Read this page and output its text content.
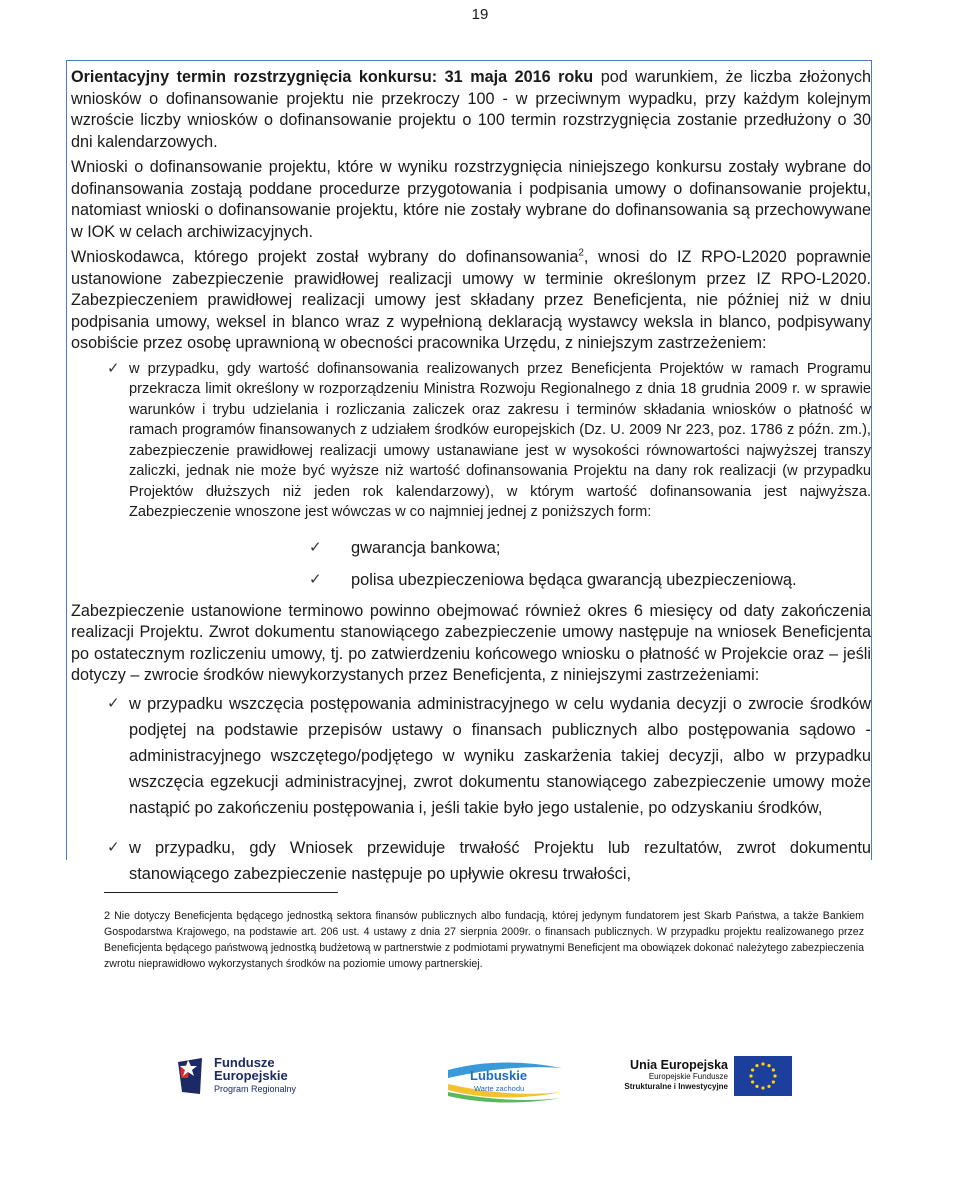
19

Orientacyjny termin rozstrzygnięcia konkursu: 31 maja 2016 roku pod warunkiem, że liczba złożonych wniosków o dofinansowanie projektu nie przekroczy 100 - w przeciwnym wypadku, przy każdym kolejnym wzroście liczby wniosków o dofinansowanie projektu o 100 termin rozstrzygnięcia zostanie przedłużony o 30 dni kalendarzowych.

Wnioski o dofinansowanie projektu, które w wyniku rozstrzygnięcia niniejszego konkursu zostały wybrane do dofinansowania zostają poddane procedurze przygotowania i podpisania umowy o dofinansowanie projektu, natomiast wnioski o dofinansowanie projektu, które nie zostały wybrane do dofinansowania są przechowywane w IOK w celach archiwizacyjnych.

Wnioskodawca, którego projekt został wybrany do dofinansowania$^2$, wnosi do IZ RPO-L2020 poprawnie ustanowione zabezpieczenie prawidłowej realizacji umowy w terminie określonym przez IZ RPO-L2020. Zabezpieczeniem prawidłowej realizacji umowy jest składany przez Beneficjenta, nie później niż w dniu podpisania umowy, weksel in blanco wraz z wypełnioną deklaracją wystawcy weksla in blanco, podpisywany osobiście przez osobę uprawnioną w obecności pracownika Urzędu, z niniejszym zastrzeżeniem:

✓ w przypadku, gdy wartość dofinansowania realizowanych przez Beneficjenta Projektów w ramach Programu przekracza limit określony w rozporządzeniu Ministra Rozwoju Regionalnego z dnia 18 grudnia 2009 r. w sprawie warunków i trybu udzielania i rozliczania zaliczek oraz zakresu i terminów składania wniosków o płatność w ramach programów finansowanych z udziałem środków europejskich (Dz. U. 2009 Nr 223, poz. 1786 z późn. zm.), zabezpieczenie prawidłowej realizacji umowy ustanawiane jest w wysokości równowartości najwyższej transzy zaliczki, jednak nie może być wyższe niż wartość dofinansowania Projektu na dany rok realizacji (w przypadku Projektów dłuższych niż jeden rok kalendarzowy), w którym wartość dofinansowania jest najwyższa. Zabezpieczenie wnoszone jest wówczas w co najmniej jednej z poniższych form:
✓ gwarancja bankowa;
✓ polisa ubezpieczeniowa będąca gwarancją ubezpieczeniową.

Zabezpieczenie ustanowione terminowo powinno obejmować również okres 6 miesięcy od daty zakończenia realizacji Projektu. Zwrot dokumentu stanowiącego zabezpieczenie umowy następuje na wniosek Beneficjenta po ostatecznym rozliczeniu umowy, tj. po zatwierdzeniu końcowego wniosku o płatność w Projekcie oraz – jeśli dotyczy – zwrocie środków niewykorzystanych przez Beneficjenta, z niniejszymi zastrzeżeniami:

✓ w przypadku wszczęcia postępowania administracyjnego w celu wydania decyzji o zwrocie środków podjętej na podstawie przepisów ustawy o finansach publicznych albo postępowania sądowo -administracyjnego wszczętego/podjętego w wyniku zaskarżenia takiej decyzji, albo w przypadku wszczęcia egzekucji administracyjnej, zwrot dokumentu stanowiącego zabezpieczenie umowy może nastąpić po zakończeniu postępowania i, jeśli takie było jego ustalenie, po odzyskaniu środków,
✓ w przypadku, gdy Wniosek przewiduje trwałość Projektu lub rezultatów, zwrot dokumentu stanowiącego zabezpieczenie następuje po upływie okresu trwałości,
2 Nie dotyczy Beneficjenta będącego jednostką sektora finansów publicznych albo fundacją, której jedynym fundatorem jest Skarb Państwa, a także Bankiem Gospodarstwa Krajowego, na podstawie art. 206 ust. 4 ustawy z dnia 27 sierpnia 2009r. o finansach publicznych. W przypadku projektu realizowanego przez Beneficjenta będącego państwową jednostką budżetową w partnerstwie z podmiotami prywatnymi Beneficjent ma obowiązek dokonać należytego zabezpieczenia zwrotu nieprawidłowo wykorzystanych środków na poziomie umowy partnerskiej.
Fundusze
Europejskie
Program Regionalny
Lubuskie
Warte zachodu
Unia Europejska
Europejskie Fundusze
Strukturalne i Inwestycyjne
